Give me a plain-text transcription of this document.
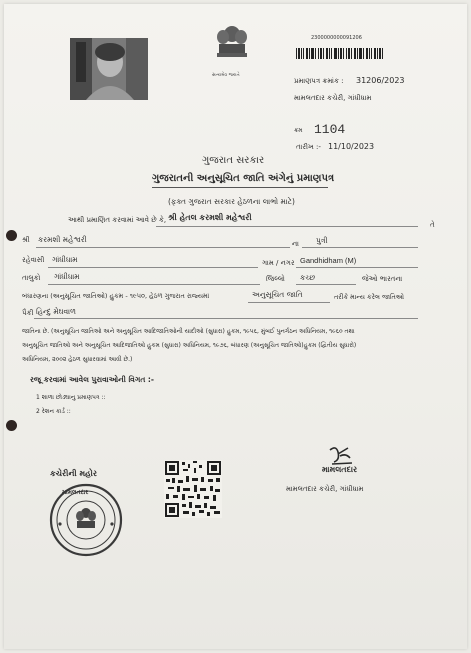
સત્યમેવ જયતે
2300000000091206
પ્રમાણપત્ર ક્રમાંક : 31206/2023
મામલતદાર કચેરી, ગાંધીધામ
ક્રમ 1104
તારીખ :- 11/10/2023
ગુજરાત સરકાર
ગુજરાતની અનુસૂચિત જાતિ અંગેનું પ્રમાણપત્ર
(ફક્ત ગુજરાત સરકાર હેઠળના લાભો માટે)
આથી પ્રમાણિત કરવામાં આવે છે કે, શ્રી હેતલ કરમશી મહેશ્વરી
તે
શ્રી કરમશી મહેશ્વરી	ના પુત્રી
રહેવાસી ગાંધીધામ	ગામ / નગર Gandhidham (M)
તાલુકો ગાંધીધામ	જિલ્લો કચ્છ	જેઓ ભારતના
બંધારણના (અનુસૂચિત જાતિઓ) હુકમ - ૧૯૫૦, હેઠળ ગુજરાત રાજ્યમાં	અનુસૂચિત જાતિ	તરીકે માન્ય કરેલ જાતિઓ
પૈકી હિન્દુ મેઘવાળ
જાતિના છે. (અનુસૂચિત જાતિઓ અને અનુસૂચિત આદિજાતિઓની યાદીઓ (સુધારા) હુકમ, ૧૯૫૬, મુંબઈ પુનર્ગઠન અધિનિયમ, ૧૯૬૦ તથા
અનુસૂચિત જાતિઓ અને અનુસૂચિત આદિજાતિઓ હુકમ (સુધારા) અધિનિયમ, ૧૯૭૬, બંધારણ (અનુસૂચિત જાતિઓ)હુકમ (દ્વિતીય સુધારો)
અધિનિયમ, ૨૦૦૨ હેઠળ સુધારવામાં આવી છે.)
રજૂ કરવામાં આવેલ પુરાવાઓની વિગત :-
1 શાળા છોડ્યાનુ પ્રમાણપત્ર ::
2 રેશન કાર્ડ ::
કચેરીની મહોર
મામલતદાર
મામલતદાર
મામલતદાર કચેરી, ગાંધીધામ
